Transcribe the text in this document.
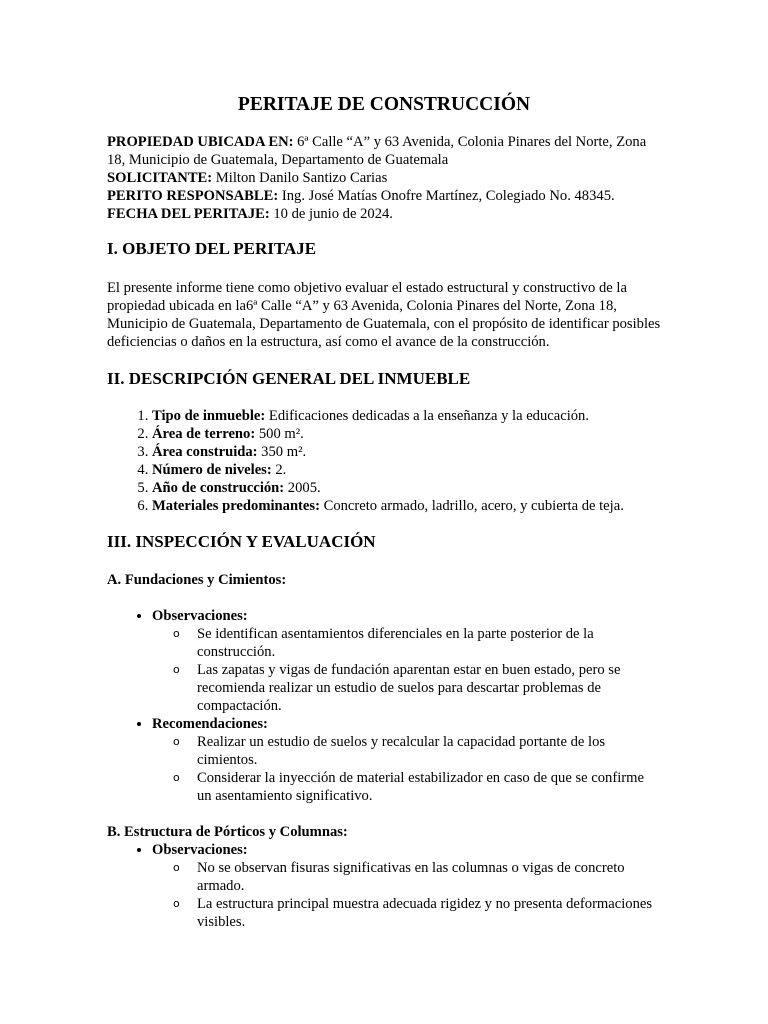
PERITAJE DE CONSTRUCCIÓN

PROPIEDAD UBICADA EN: 6ª Calle “A” y 63 Avenida, Colonia Pinares del Norte, Zona 18, Municipio de Guatemala, Departamento de Guatemala

SOLICITANTE: Milton Danilo Santizo Carias

PERITO RESPONSABLE: Ing. José Matías Onofre Martínez, Colegiado No. 48345.

FECHA DEL PERITAJE: 10 de junio de 2024.

I. OBJETO DEL PERITAJE

El presente informe tiene como objetivo evaluar el estado estructural y constructivo de la propiedad ubicada en la6ª Calle “A” y 63 Avenida, Colonia Pinares del Norte, Zona 18, Municipio de Guatemala, Departamento de Guatemala, con el propósito de identificar posibles deficiencias o daños en la estructura, así como el avance de la construcción.

II. DESCRIPCIÓN GENERAL DEL INMUEBLE
1. Tipo de inmueble: Edificaciones dedicadas a la enseñanza y la educación.
2. Área de terreno: 500 m².
3. Área construida: 350 m².
4. Número de niveles: 2.
5. Año de construcción: 2005.
6. Materiales predominantes: Concreto armado, ladrillo, acero, y cubierta de teja.
III. INSPECCIÓN Y EVALUACIÓN

A. Fundaciones y Cimientos:

• Observaciones:
o Se identifican asentamientos diferenciales en la parte posterior de la construcción.
o Las zapatas y vigas de fundación aparentan estar en buen estado, pero se recomienda realizar un estudio de suelos para descartar problemas de compactación.
• Recomendaciones:
o Realizar un estudio de suelos y recalcular la capacidad portante de los cimientos.
o Considerar la inyección de material estabilizador en caso de que se confirme un asentamiento significativo.

B. Estructura de Pórticos y Columnas:

• Observaciones:
o No se observan fisuras significativas en las columnas o vigas de concreto armado.
o La estructura principal muestra adecuada rigidez y no presenta deformaciones visibles.
